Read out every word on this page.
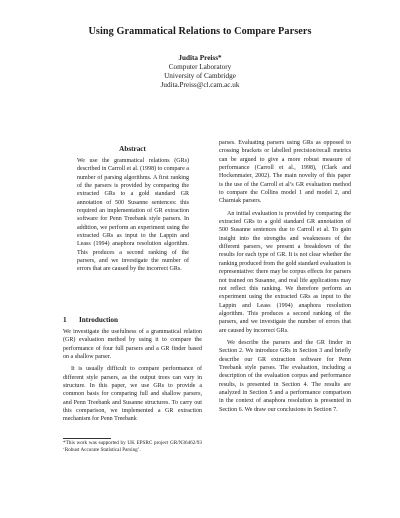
Using Grammatical Relations to Compare Parsers
Judita Preiss*
Computer Laboratory
University of Cambridge
Judita.Preiss@cl.cam.ac.uk
Abstract
We use the grammatical relations (GRs) described in Carroll et al. (1998) to compare a number of parsing algorithms. A first ranking of the parsers is provided by comparing the extracted GRs to a gold standard GR annotation of 500 Susanne sentences: this required an implementation of GR extraction software for Penn Treebank style parsers. In addition, we perform an experiment using the extracted GRs as input to the Lappin and Leass (1994) anaphora resolution algorithm. This produces a second ranking of the parsers, and we investigate the number of errors that are caused by the incorrect GRs.
1 Introduction

We investigate the usefulness of a grammatical relation (GR) evaluation method by using it to compare the performance of four full parsers and a GR finder based on a shallow parser.

It is usually difficult to compare performance of different style parsers, as the output trees can vary in structure. In this paper, we use GRs to provide a common basis for comparing full and shallow parsers, and Penn Treebank and Susanne structures. To carry out this comparison, we implemented a GR extraction mechanism for Penn Treebank

*This work was supported by UK EPSRC project GR/N36462/93 ‘Robust Accurate Statistical Parsing’.

parses. Evaluating parsers using GRs as opposed to crossing brackets or labelled precision/recall metrics can be argued to give a more robust measure of performance (Carroll et al., 1998), (Clark and Hockenmaier, 2002). The main novelty of this paper is the use of the Carroll et al’s GR evaluation method to compare the Collins model 1 and model 2, and Charniak parsers.

An initial evaluation is provided by comparing the extracted GRs to a gold standard GR annotation of 500 Susanne sentences due to Carroll et al. To gain insight into the strengths and weaknesses of the different parsers, we present a breakdown of the results for each type of GR. It is not clear whether the ranking produced from the gold standard evaluation is representative: there may be corpus effects for parsers not trained on Susanne, and real life applications may not reflect this ranking. We therefore perform an experiment using the extracted GRs as input to the Lappin and Leass (1994) anaphora resolution algorithm. This produces a second ranking of the parsers, and we investigate the number of errors that are caused by incorrect GRs.

We describe the parsers and the GR finder in Section 2. We introduce GRs in Section 3 and briefly describe our GR extraction software for Penn Treebank style parses. The evaluation, including a description of the evaluation corpus and performance results, is presented in Section 4. The results are analyzed in Section 5 and a performance comparison in the context of anaphora resolution is presented in Section 6. We draw our conclusions in Section 7.
